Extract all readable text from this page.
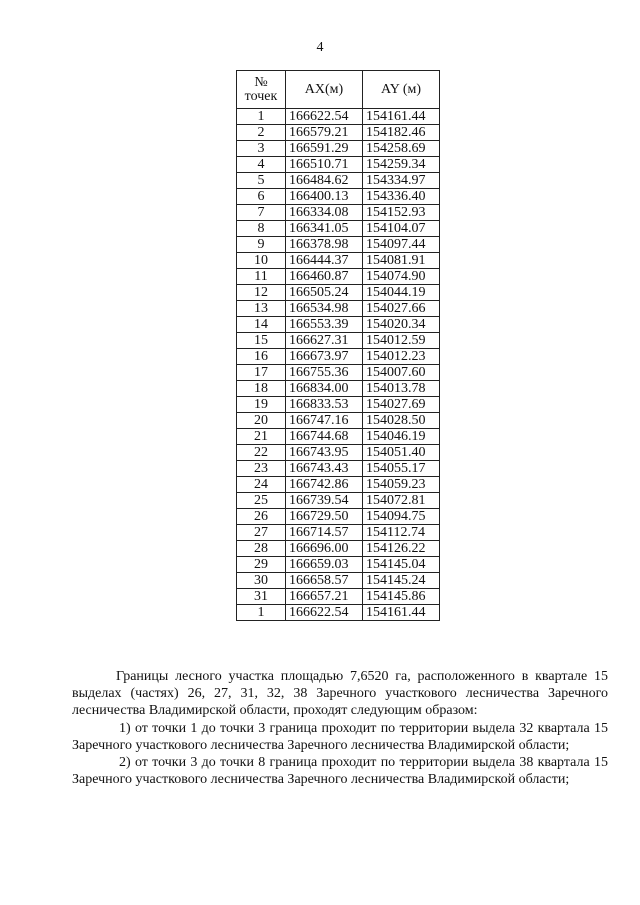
4
№
точек	AX(м)	AY (м)
1	166622.54	154161.44
2	166579.21	154182.46
3	166591.29	154258.69
4	166510.71	154259.34
5	166484.62	154334.97
6	166400.13	154336.40
7	166334.08	154152.93
8	166341.05	154104.07
9	166378.98	154097.44
10	166444.37	154081.91
11	166460.87	154074.90
12	166505.24	154044.19
13	166534.98	154027.66
14	166553.39	154020.34
15	166627.31	154012.59
16	166673.97	154012.23
17	166755.36	154007.60
18	166834.00	154013.78
19	166833.53	154027.69
20	166747.16	154028.50
21	166744.68	154046.19
22	166743.95	154051.40
23	166743.43	154055.17
24	166742.86	154059.23
25	166739.54	154072.81
26	166729.50	154094.75
27	166714.57	154112.74
28	166696.00	154126.22
29	166659.03	154145.04
30	166658.57	154145.24
31	166657.21	154145.86
1	166622.54	154161.44

Границы лесного участка площадью 7,6520 га, расположенного в квартале 15 выделах (частях) 26, 27, 31, 32, 38 Заречного участкового лесничества Заречного лесничества Владимирской области, проходят следующим образом:

1) от точки 1 до точки 3 граница проходит по территории выдела 32 квартала 15 Заречного участкового лесничества Заречного лесничества Владимирской области;

2) от точки 3 до точки 8 граница проходит по территории выдела 38 квартала 15 Заречного участкового лесничества Заречного лесничества Владимирской области;
